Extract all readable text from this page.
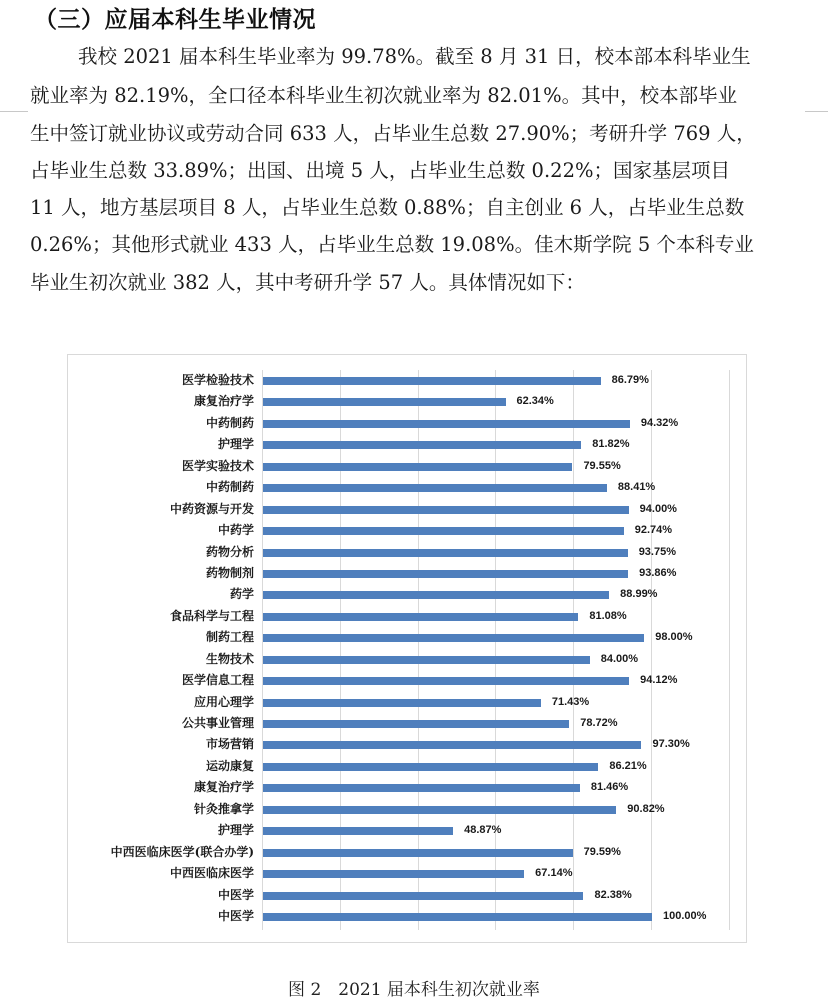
（三）应届本科生毕业情况
我校 2021 届本科生毕业率为 99.78%。截至 8 月 31 日，校本部本科毕业生
就业率为 82.19%，全口径本科毕业生初次就业率为 82.01%。其中，校本部毕业
生中签订就业协议或劳动合同 633 人，占毕业生总数 27.90%；考研升学 769 人，
占毕业生总数 33.89%；出国、出境 5 人，占毕业生总数 0.22%；国家基层项目
11 人，地方基层项目 8 人，占毕业生总数 0.88%；自主创业 6 人，占毕业生总数
0.26%；其他形式就业 433 人，占毕业生总数 19.08%。佳木斯学院 5 个本科专业
毕业生初次就业 382 人，其中考研升学 57 人。具体情况如下：
医学检验技术	86.79%
康复治疗学	62.34%
中药制药	94.32%
护理学	81.82%
医学实验技术	79.55%
中药制药	88.41%
中药资源与开发	94.00%
中药学	92.74%
药物分析	93.75%
药物制剂	93.86%
药学	88.99%
食品科学与工程	81.08%
制药工程	98.00%
生物技术	84.00%
医学信息工程	94.12%
应用心理学	71.43%
公共事业管理	78.72%
市场营销	97.30%
运动康复	86.21%
康复治疗学	81.46%
针灸推拿学	90.82%
护理学	48.87%
中西医临床医学(联合办学)	79.59%
中西医临床医学	67.14%
中医学	82.38%
中医学	100.00%
图 2　2021 届本科生初次就业率
